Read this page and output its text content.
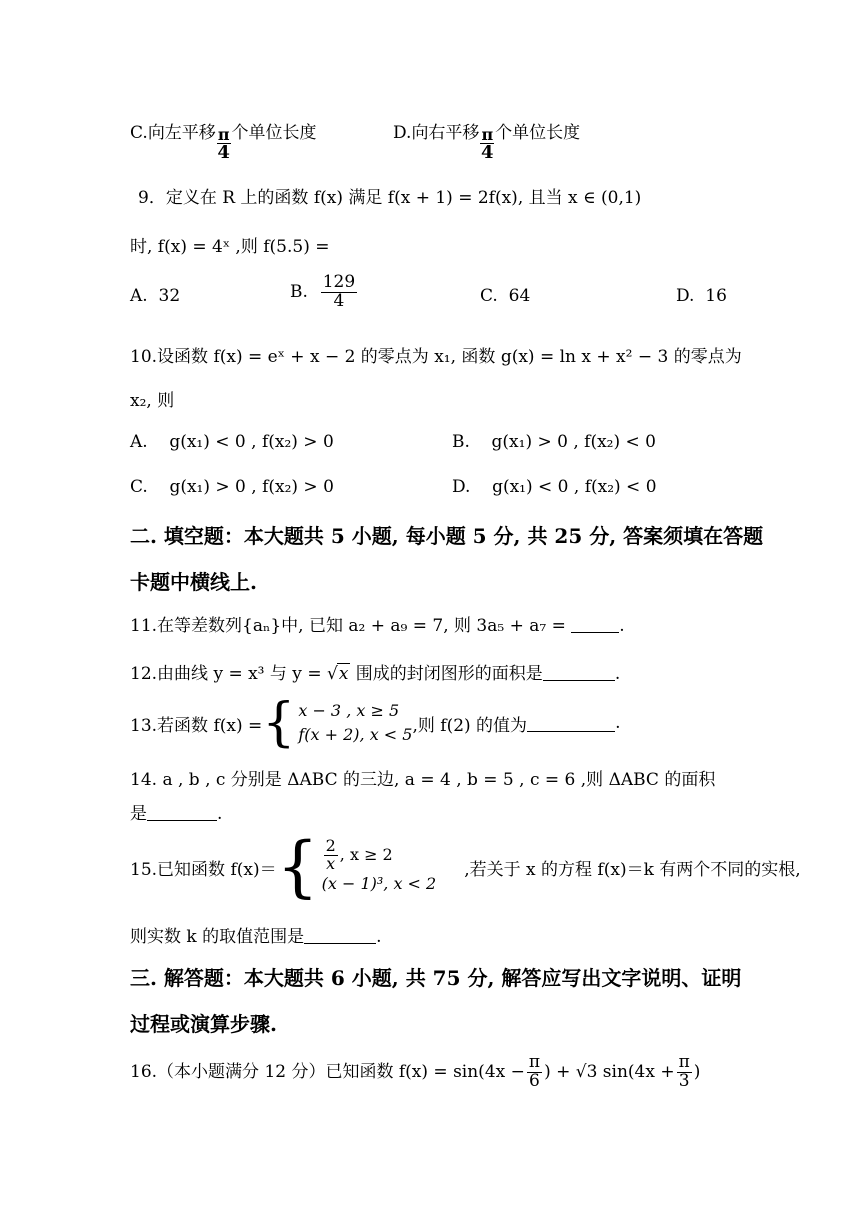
C.向左平移 $\frac{\pi}{4}$ 个单位长度	D.向右平移 $\frac{\pi}{4}$ 个单位长度
9．定义在 R 上的函数 f(x) 满足 f(x + 1) = 2f(x), 且当 x ∈ (0,1)
时, f(x) = 4ˣ ,则 f(5.5) =
A. 32	B. $\frac{129}{4}$	C. 64	D. 16
10.设函数 f(x) = eˣ + x − 2 的零点为 x₁, 函数 g(x) = ln x + x² − 3 的零点为
x₂, 则
A. g(x₁) < 0 , f(x₂) > 0	B. g(x₁) > 0 , f(x₂) < 0
C. g(x₁) > 0 , f(x₂) > 0	D. g(x₁) < 0 , f(x₂) < 0
二. 填空题：本大题共 5 小题, 每小题 5 分, 共 25 分, 答案须填在答题
卡题中横线上.
11.在等差数列{aₙ}中, 已知 a₂ + a₉ = 7, 则 3a₅ + a₇ =	.
12.由曲线 y = x³ 与 y = √x 围成的封闭图形的面积是	.
13.若函数 f(x) = { x − 3 , x ≥ 5
f(x + 2), x < 5 ,则 f(2) 的值为	.
14. a , b , c 分别是 ΔABC 的三边, a = 4 , b = 5 , c = 6 ,则 ΔABC 的面积
是	.
15.已知函数 f(x)＝ { $\frac{2}{x}$ , x ≥ 2
(x − 1)³, x < 2
,若关于 x 的方程 f(x)＝k 有两个不同的实根,
则实数 k 的取值范围是	.
三. 解答题：本大题共 6 小题, 共 75 分, 解答应写出文字说明、证明
过程或演算步骤.
16.（本小题满分 12 分）已知函数 $f(x) = \sin(4x - \frac{\pi}{6}$ ) + √3 $\sin(4x + \frac{\pi}{3}$ )
